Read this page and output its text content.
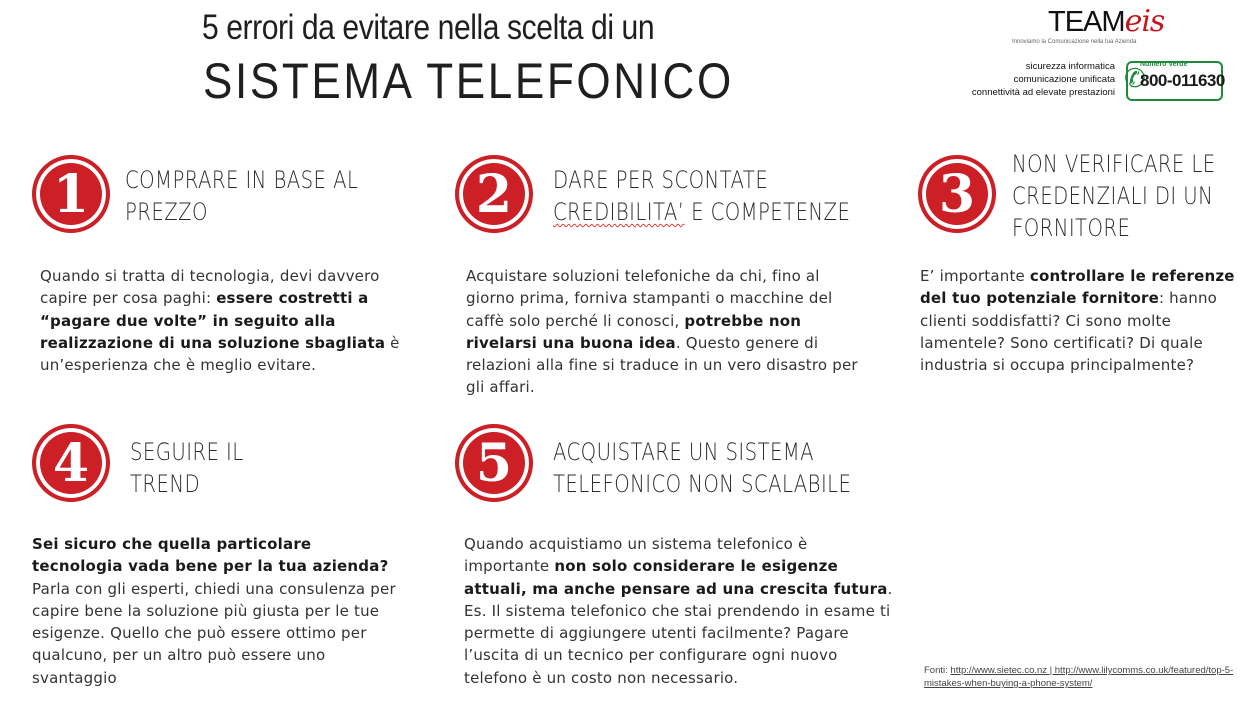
5 errori da evitare nella scelta di un
SISTEMA TELEFONICO
TEAMeis
Innoviamo la Comunicazione nella tua Azienda
sicurezza informatica
comunicazione unificata
connettività ad elevate prestazioni ✆
Numero Verde
800-011630
1	COMPRARE IN BASE AL
PREZZO
Quando si tratta di tecnologia, devi davvero capire per cosa paghi: essere costretti a “pagare due volte” in seguito alla realizzazione di una soluzione sbagliata è un’esperienza che è meglio evitare.
2	DARE PER SCONTATE
CREDIBILITA’ E COMPETENZE
Acquistare soluzioni telefoniche da chi, fino al giorno prima, forniva stampanti o macchine del caffè solo perché li conosci, potrebbe non rivelarsi una buona idea. Questo genere di relazioni alla fine si traduce in un vero disastro per gli affari.
3	NON VERIFICARE LE
CREDENZIALI DI UN
FORNITORE
E’ importante controllare le referenze del tuo potenziale fornitore: hanno clienti soddisfatti? Ci sono molte lamentele? Sono certificati? Di quale industria si occupa principalmente?
4	SEGUIRE IL
TREND
Sei sicuro che quella particolare tecnologia vada bene per la tua azienda? Parla con gli esperti, chiedi una consulenza per capire bene la soluzione più giusta per le tue esigenze. Quello che può essere ottimo per qualcuno, per un altro può essere uno svantaggio
5	ACQUISTARE UN SISTEMA
TELEFONICO NON SCALABILE
Quando acquistiamo un sistema telefonico è importante non solo considerare le esigenze attuali, ma anche pensare ad una crescita futura. Es. Il sistema telefonico che stai prendendo in esame ti permette di aggiungere utenti facilmente? Pagare l’uscita di un tecnico per configurare ogni nuovo telefono è un costo non necessario.	Fonti: http://www.sietec.co.nz | http://www.lilycomms.co.uk/featured/top-5-mistakes-when-buying-a-phone-system/
